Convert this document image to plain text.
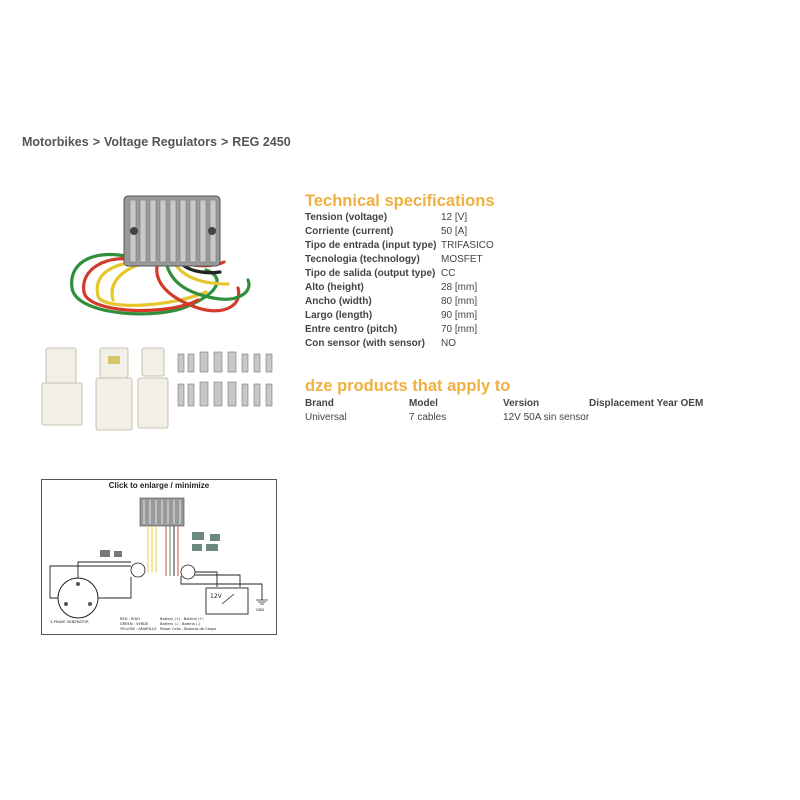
Motorbikes > Voltage Regulators > REG 2450
Technical specifications
Tension (voltage)	12 [V]
Corriente (current)	50 [A]
Tipo de entrada (input type) TRIFASICO
Tecnologia (technology)	MOSFET
Tipo de salida (output type) CC
Alto (height)	28 [mm]
Ancho (width)	80 [mm]
Largo (length)	90 [mm]
Entre centro (pitch)	70 [mm]
Con sensor (with sensor)	NO
dze products that apply to
Brand	Model	Version	Displacement Year OEM
Universal	7 cables	12V 50A sin sensor
Click to enlarge / minimize
12V
GND
3-PHASE GENERATOR
RED : ROJO
GREEN : VERDE
YELLOW : AMARILLO
Battery (+) : Bateria (+)
Battery (-) : Bateria (-)
Power Cells : Bobinas de Carga
